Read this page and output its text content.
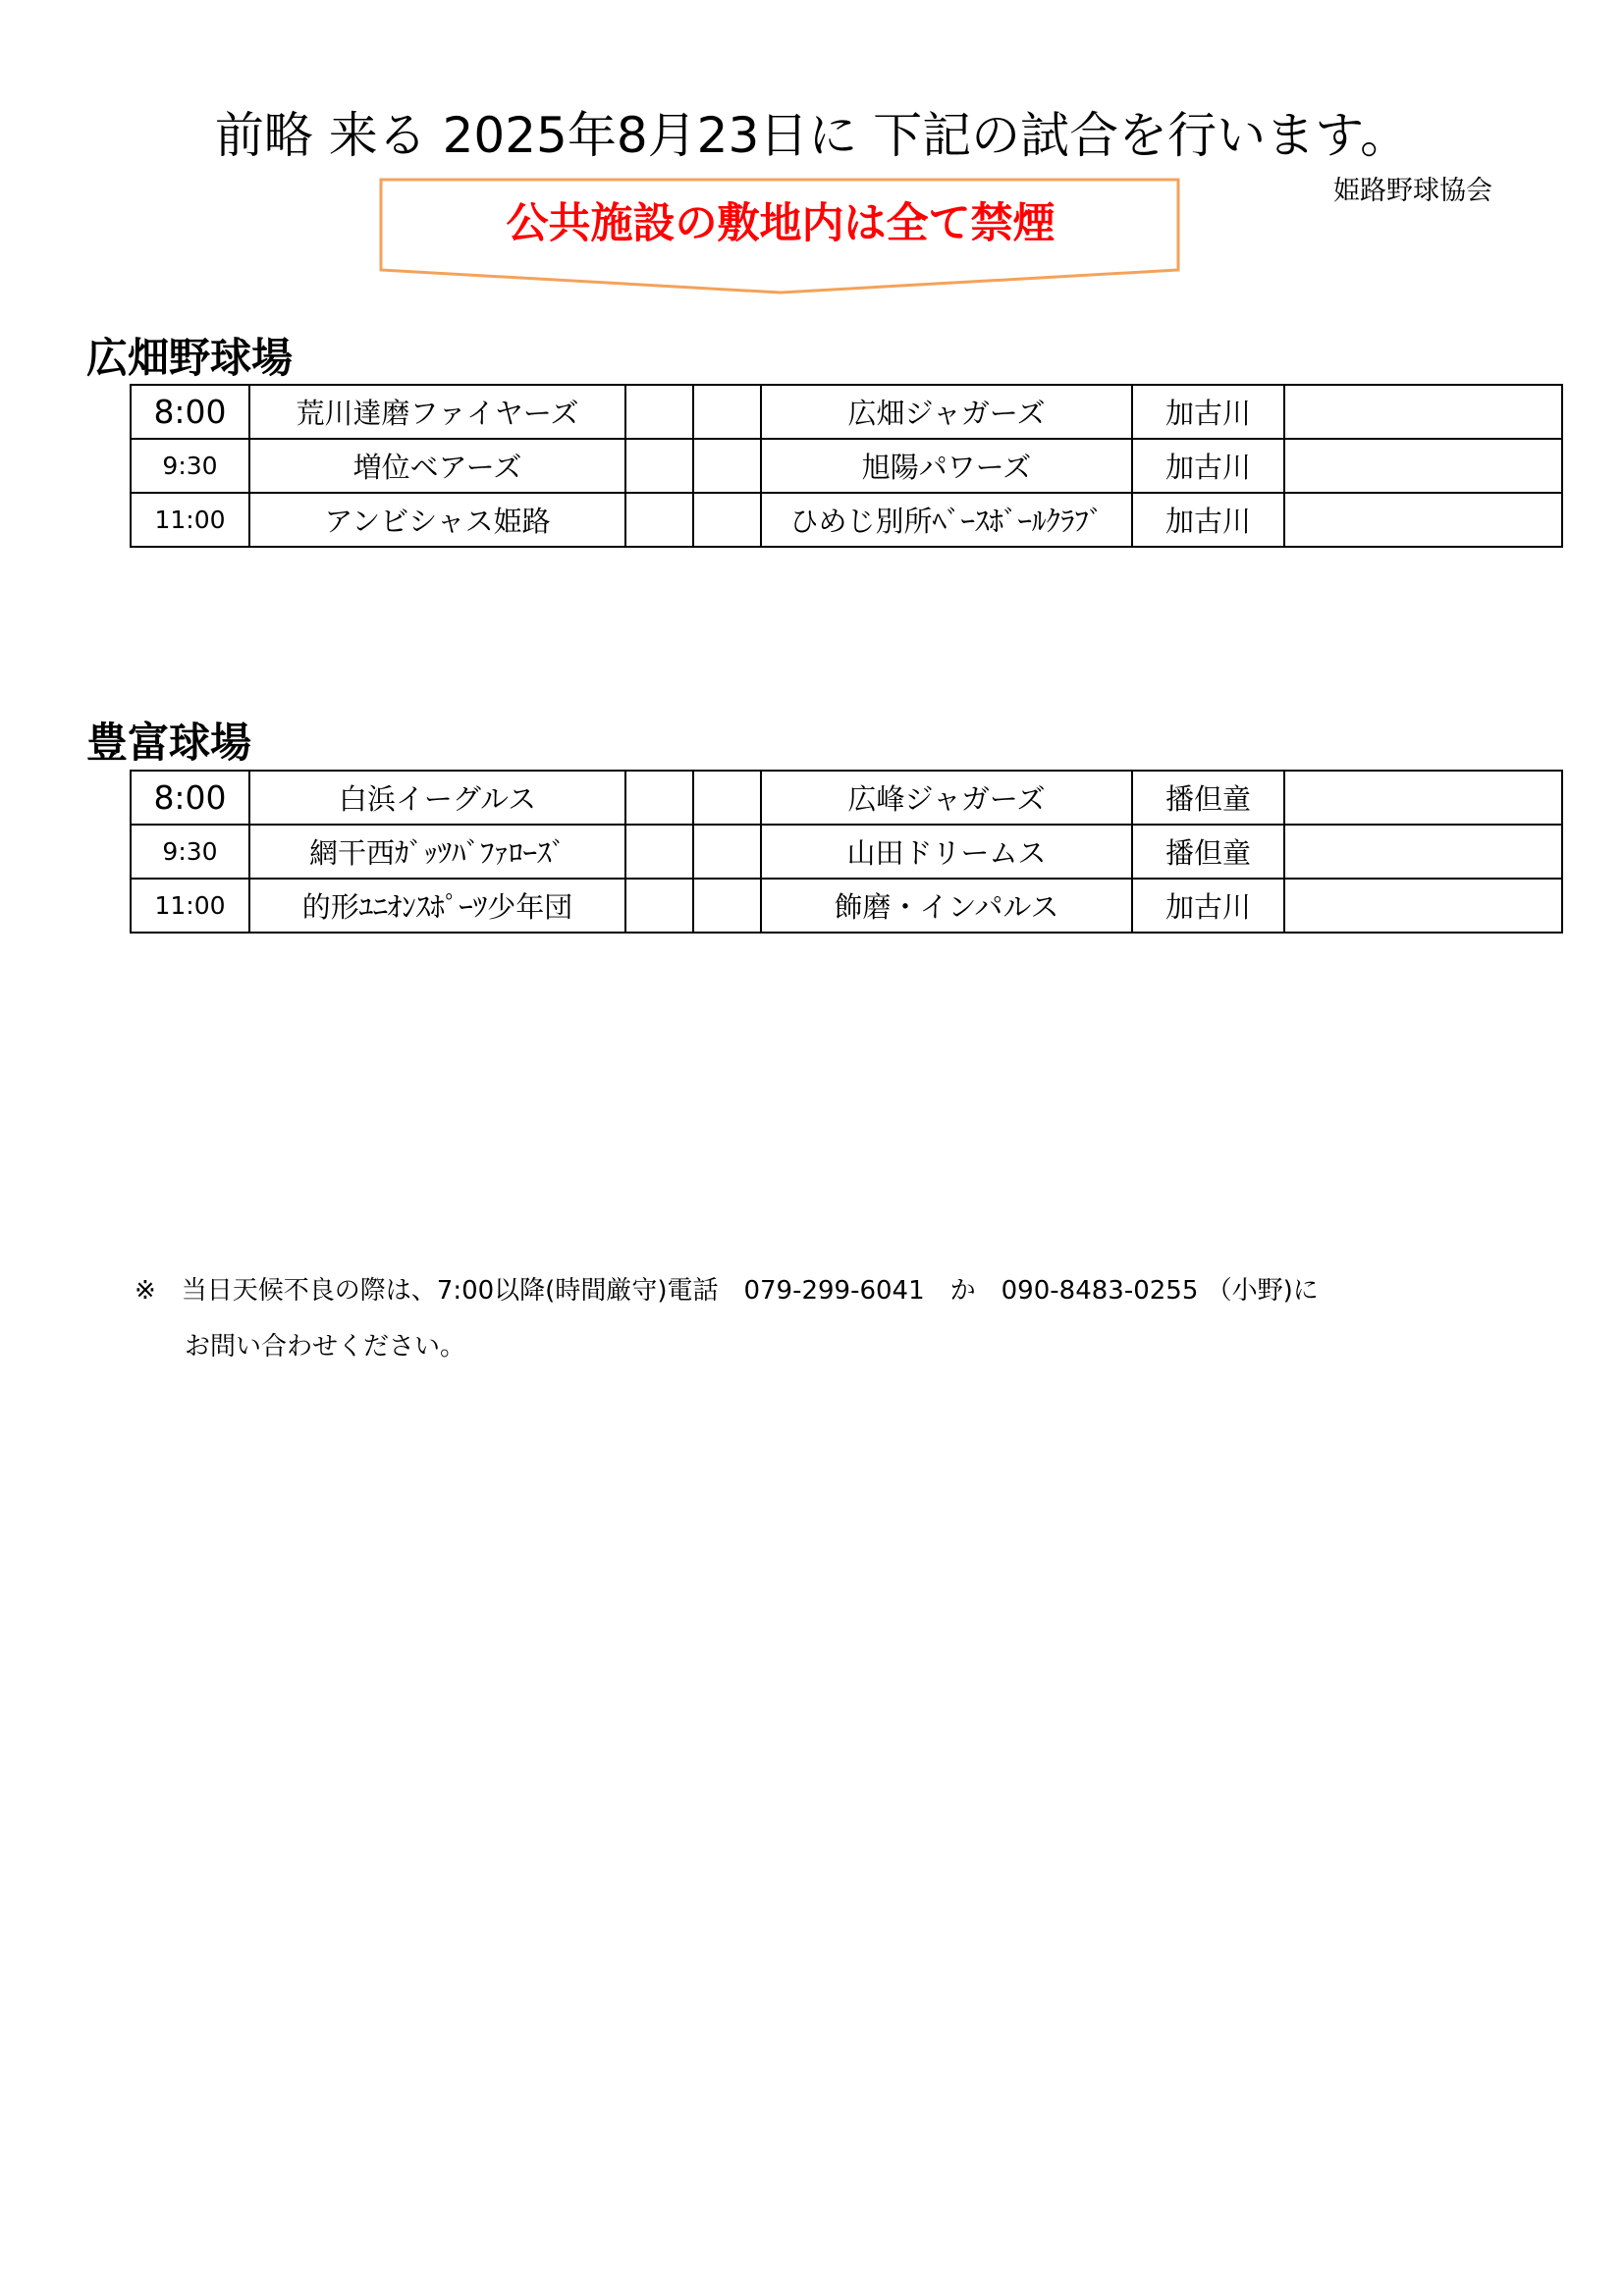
前略 来る 2025年8月23日に 下記の試合を行います。
姫路野球協会
公共施設の敷地内は全て禁煙
広畑野球場
8:00	荒川達磨ファイヤーズ			広畑ジャガーズ	加古川	
9:30	増位ベアーズ			旭陽パワーズ	加古川	
11:00	アンビシャス姫路			ひめじ別所ﾍﾞｰｽﾎﾞｰﾙｸﾗﾌﾞ	加古川	
豊富球場
8:00	白浜イーグルス			広峰ジャガーズ	播但童	
9:30	網干西ｶﾞｯﾂﾊﾞﾌｧﾛｰｽﾞ			山田ドリームス	播但童	
11:00	的形ﾕﾆｵﾝｽﾎﾟｰﾂ少年団			飾磨・インパルス	加古川	
※　当日天候不良の際は、7:00以降(時間厳守)電話　079-299-6041　か　090-8483-0255 （小野)に
お問い合わせください。
